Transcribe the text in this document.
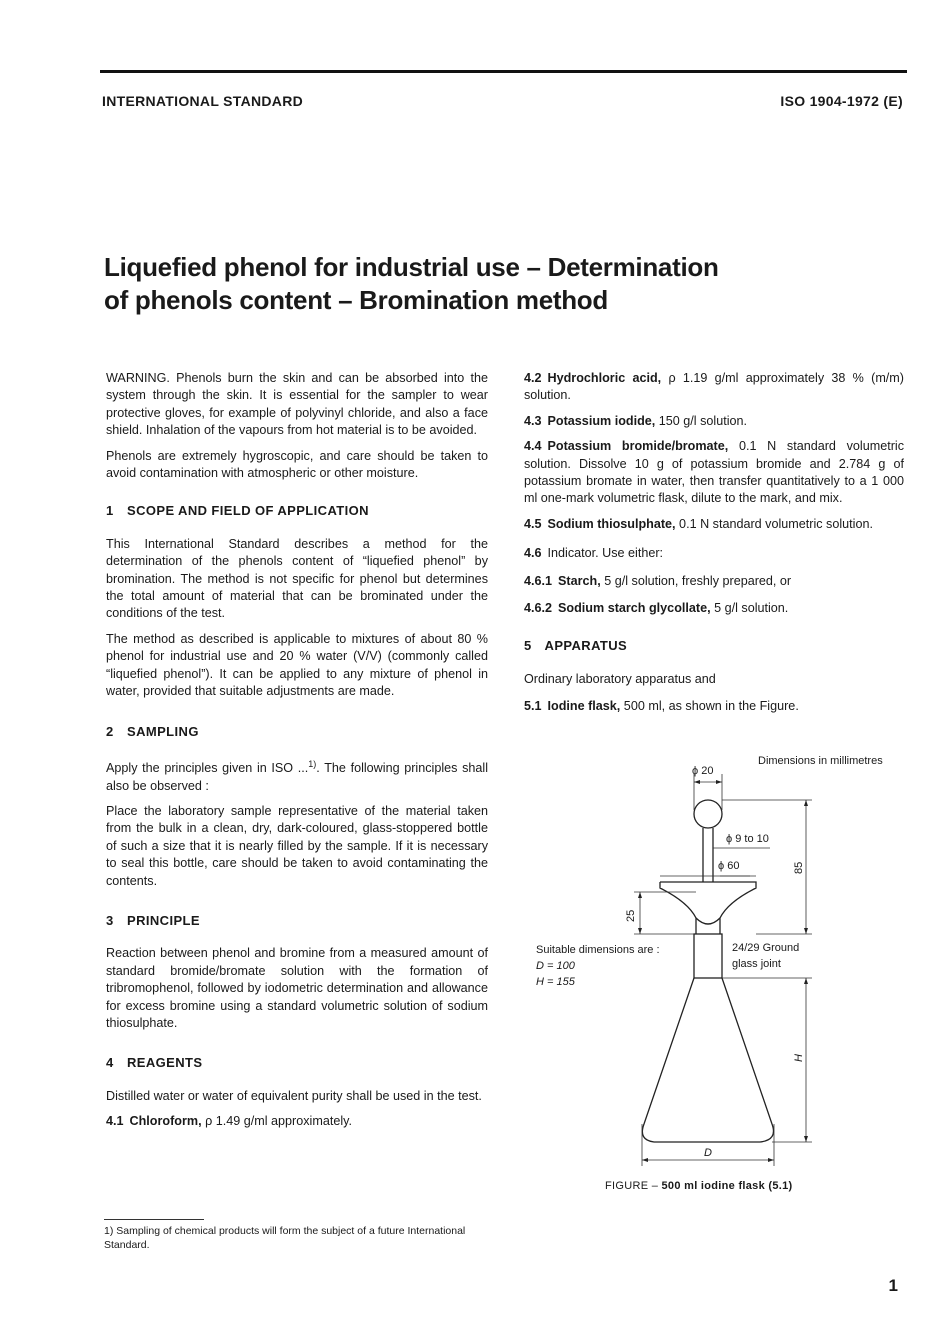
INTERNATIONAL STANDARD	ISO 1904-1972 (E)
Liquefied phenol for industrial use – Determination
of phenols content – Bromination method

WARNING. Phenols burn the skin and can be absorbed into the system through the skin. It is essential for the sampler to wear protective gloves, for example of polyvinyl chloride, and also a face shield. Inhalation of the vapours from hot material is to be avoided.

Phenols are extremely hygroscopic, and care should be taken to avoid contamination with atmospheric or other moisture.

1 SCOPE AND FIELD OF APPLICATION

This International Standard describes a method for the determination of the phenols content of “liquefied phenol” by bromination. The method is not specific for phenol but determines the total amount of material that can be brominated under the conditions of the test.

The method as described is applicable to mixtures of about 80 % phenol for industrial use and 20 % water (V/V) (commonly called “liquefied phenol”). It can be applied to any mixture of phenol in water, provided that suitable adjustments are made.

2 SAMPLING

Apply the principles given in ISO ...$^{1)}$. The following principles shall also be observed :

Place the laboratory sample representative of the material taken from the bulk in a clean, dry, dark-coloured, glass-stoppered bottle of such a size that it is nearly filled by the sample. If it is necessary to seal this bottle, care should be taken to avoid contaminating the contents.

3 PRINCIPLE

Reaction between phenol and bromine from a measured amount of standard bromide/bromate solution with the formation of tribromophenol, followed by iodometric determination and allowance for excess bromine using a standard volumetric solution of sodium thiosulphate.

4 REAGENTS

Distilled water or water of equivalent purity shall be used in the test.

4.1 Chloroform, ρ 1.49 g/ml approximately.

4.2 Hydrochloric acid, ρ 1.19 g/ml approximately 38 % (m/m) solution.

4.3 Potassium iodide, 150 g/l solution.

4.4 Potassium bromide/bromate, 0.1 N standard volumetric solution. Dissolve 10 g of potassium bromide and 2.784 g of potassium bromate in water, then transfer quantitatively to a 1 000 ml one-mark volumetric flask, dilute to the mark, and mix.

4.5 Sodium thiosulphate, 0.1 N standard volumetric solution.

4.6 Indicator. Use either:

4.6.1 Starch, 5 g/l solution, freshly prepared, or

4.6.2 Sodium starch glycollate, 5 g/l solution.

5 APPARATUS

Ordinary laboratory apparatus and

5.1 Iodine flask, 500 ml, as shown in the Figure.

Dimensions in millimetres
ϕ 20
ϕ 9 to 10
ϕ 60	85
25
H
D
Suitable dimensions are :
D = 100
H = 155
24/29 Ground
glass joint
FIGURE – 500 ml iodine flask (5.1)
1) Sampling of chemical products will form the subject of a future International Standard.
1
